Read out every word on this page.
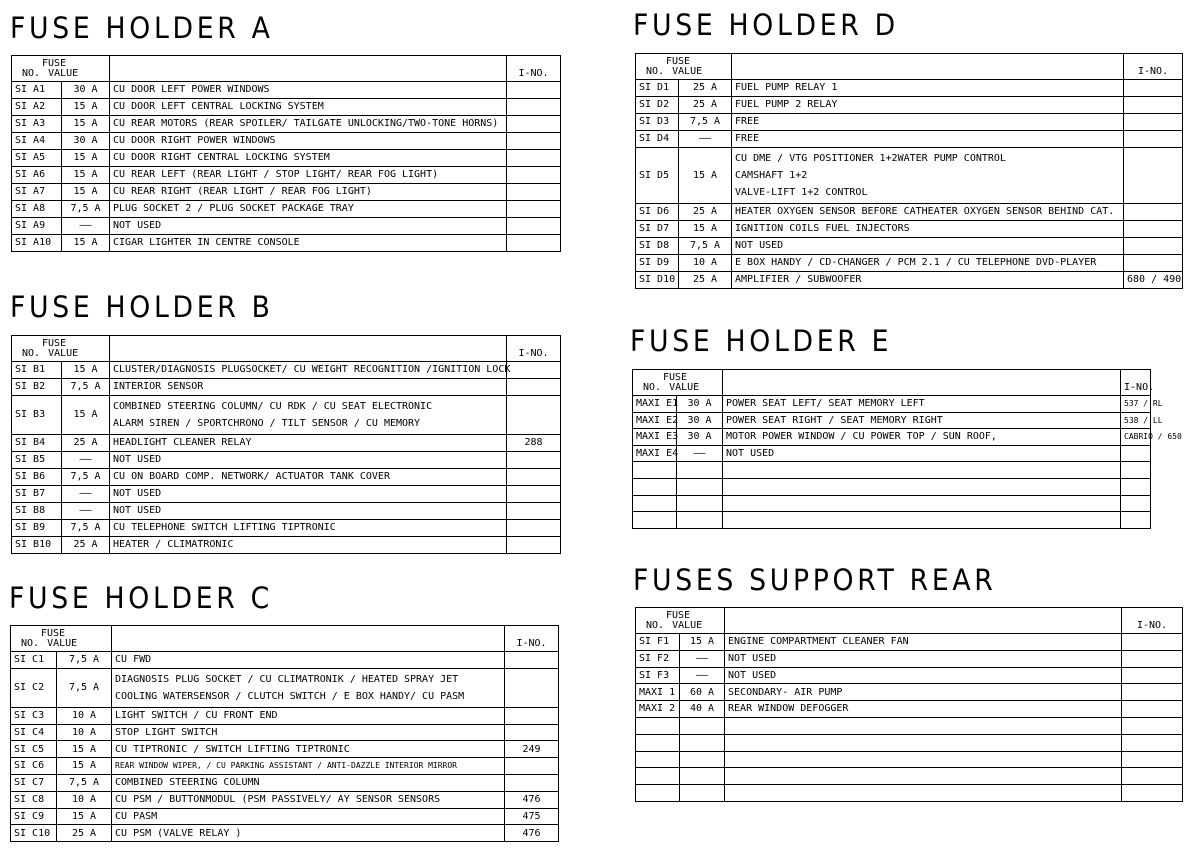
FUSE HOLDER A
FUSE
NO. VALUE			I-NO.
SI A1	30 A	CU DOOR LEFT POWER WINDOWS	
SI A2	15 A	CU DOOR LEFT CENTRAL LOCKING SYSTEM	
SI A3	15 A	CU REAR MOTORS (REAR SPOILER/ TAILGATE UNLOCKING/TWO-TONE HORNS)	
SI A4	30 A	CU DOOR RIGHT POWER WINDOWS	
SI A5	15 A	CU DOOR RIGHT CENTRAL LOCKING SYSTEM	
SI A6	15 A	CU REAR LEFT (REAR LIGHT / STOP LIGHT/ REAR FOG LIGHT)	
SI A7	15 A	CU REAR RIGHT (REAR LIGHT / REAR FOG LIGHT)	
SI A8	7,5 A	PLUG SOCKET 2 / PLUG SOCKET PACKAGE TRAY	
SI A9	——	NOT USED	
SI A10	15 A	CIGAR LIGHTER IN CENTRE CONSOLE	
FUSE HOLDER B
FUSE
NO. VALUE			I-NO.
SI B1	15 A	CLUSTER/DIAGNOSIS PLUGSOCKET/ CU WEIGHT RECOGNITION /IGNITION LOCK	
SI B2	7,5 A	INTERIOR SENSOR	
SI B3	15 A	COMBINED STEERING COLUMN/ CU RDK / CU SEAT ELECTRONIC
ALARM SIREN / SPORTCHRONO / TILT SENSOR / CU MEMORY	

SI B4	25 A	HEADLIGHT CLEANER RELAY	288
SI B5	——	NOT USED	
SI B6	7,5 A	CU ON BOARD COMP. NETWORK/ ACTUATOR TANK COVER	
SI B7	——	NOT USED	
SI B8	——	NOT USED	
SI B9	7,5 A	CU TELEPHONE SWITCH LIFTING TIPTRONIC	
SI B10	25 A	HEATER / CLIMATRONIC	
FUSE HOLDER C
FUSE
NO. VALUE			I-NO.
SI C1	7,5 A	CU FWD	
SI C2	7,5 A	DIAGNOSIS PLUG SOCKET / CU CLIMATRONIK / HEATED SPRAY JET
COOLING WATERSENSOR / CLUTCH SWITCH / E BOX HANDY/ CU PASM	

SI C3	10 A	LIGHT SWITCH / CU FRONT END	
SI C4	10 A	STOP LIGHT SWITCH	
SI C5	15 A	CU TIPTRONIC / SWITCH LIFTING TIPTRONIC	249
SI C6	15 A	REAR WINDOW WIPER, / CU PARKING ASSISTANT / ANTI-DAZZLE INTERIOR MIRROR	
SI C7	7,5 A	COMBINED STEERING COLUMN	
SI C8	10 A	CU PSM / BUTTONMODUL (PSM PASSIVELY/ AY SENSOR SENSORS	476
SI C9	15 A	CU PASM	475
SI C10	25 A	CU PSM (VALVE RELAY )	476
FUSE HOLDER D
FUSE
NO. VALUE			I-NO.
SI D1	25 A	FUEL PUMP RELAY 1	
SI D2	25 A	FUEL PUMP 2 RELAY	
SI D3	7,5 A	FREE	
SI D4	——	FREE	
SI D5	15 A	CU DME / VTG POSITIONER 1+2WATER PUMP CONTROL
CAMSHAFT 1+2
VALVE-LIFT 1+2 CONTROL	

SI D6	25 A	HEATER OXYGEN SENSOR BEFORE CATHEATER OXYGEN SENSOR BEHIND CAT.	
SI D7	15 A	IGNITION COILS FUEL INJECTORS	
SI D8	7,5 A	NOT USED	
SI D9	10 A	E BOX HANDY / CD-CHANGER / PCM 2.1 / CU TELEPHONE DVD-PLAYER	
SI D10	25 A	AMPLIFIER / SUBWOOFER	680 / 490
FUSE HOLDER E
FUSE
NO. VALUE			I-NO.
MAXI E1	30 A	POWER SEAT LEFT/ SEAT MEMORY LEFT	537 / RL
MAXI E2	30 A	POWER SEAT RIGHT / SEAT MEMORY RIGHT	538 / LL
MAXI E3	30 A	MOTOR POWER WINDOW / CU POWER TOP / SUN ROOF,	CABRIO / 650
MAXI E4	——	NOT USED	

FUSES SUPPORT REAR
FUSE
NO. VALUE			I-NO.
SI F1	15 A	ENGINE COMPARTMENT CLEANER FAN	
SI F2	——	NOT USED	
SI F3	——	NOT USED	
MAXI 1	60 A	SECONDARY- AIR PUMP	
MAXI 2	40 A	REAR WINDOW DEFOGGER	
